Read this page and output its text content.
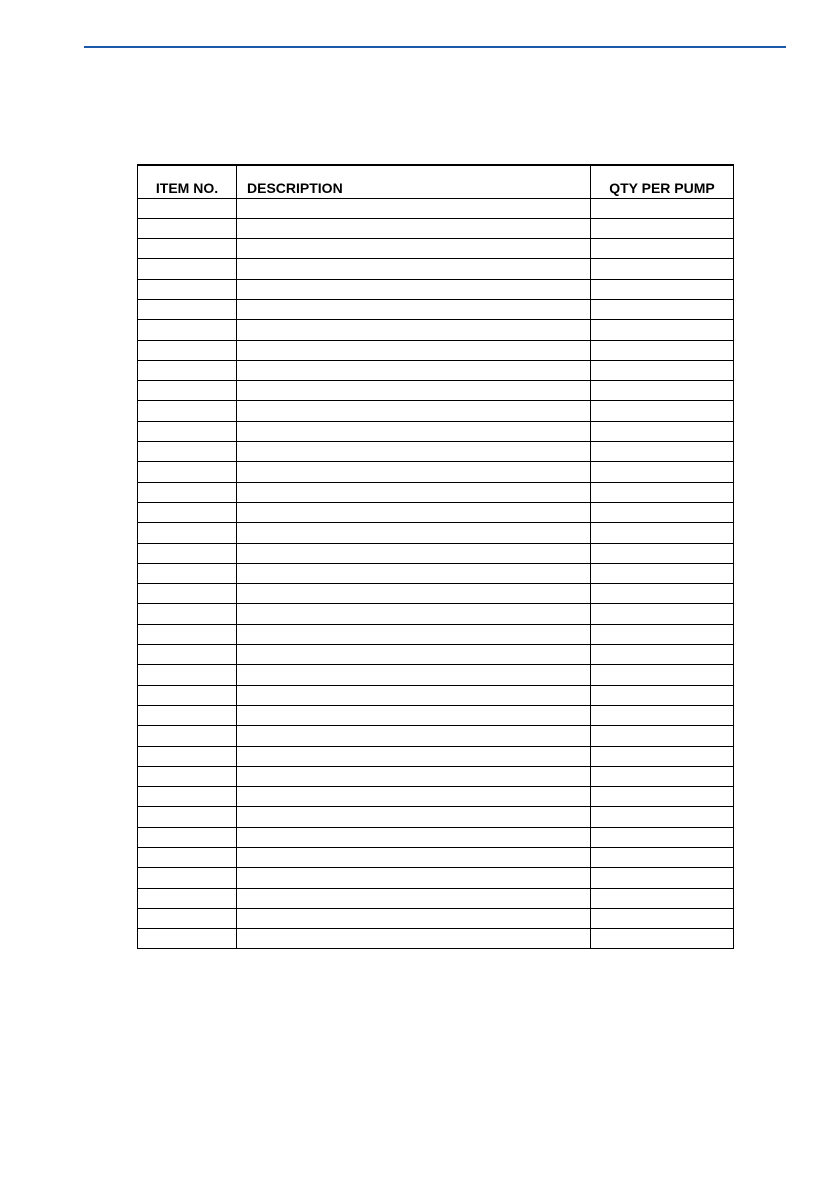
ITEM NO.	DESCRIPTION	QTY PER PUMP
